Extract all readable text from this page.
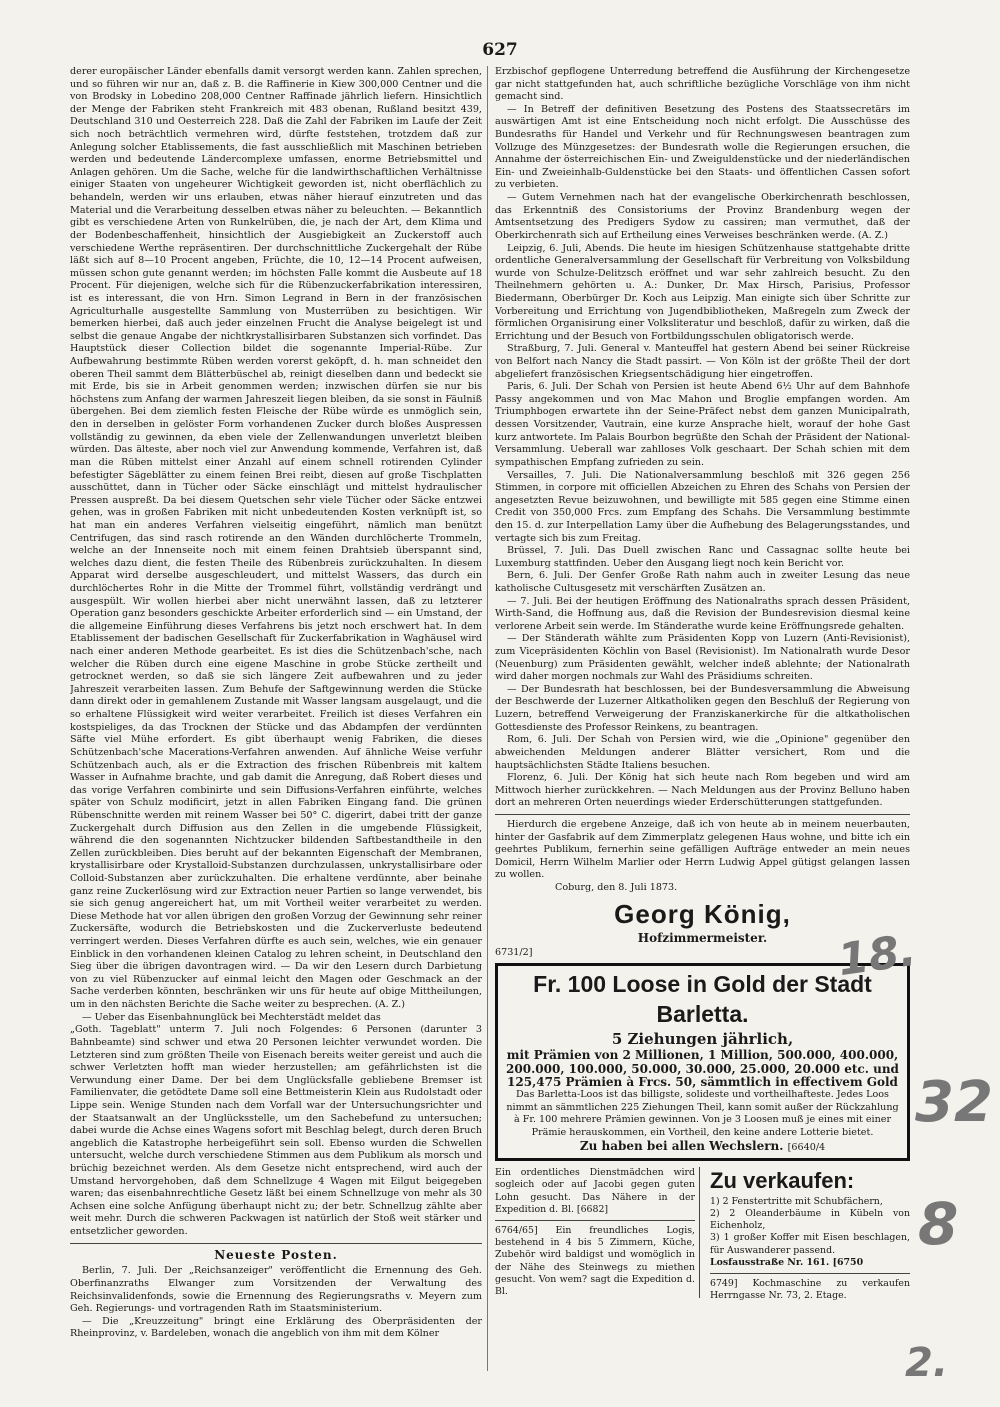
627

derer europäischer Länder ebenfalls damit versorgt werden kann. Zahlen sprechen, und so führen wir nur an, daß z. B. die Raffinerie in Kiew 300,000 Centner und die von Brodsky in Lobedino 208,000 Centner Raffinade jährlich liefern. Hinsichtlich der Menge der Fabriken steht Frankreich mit 483 obenan, Rußland besitzt 439, Deutschland 310 und Oesterreich 228. Daß die Zahl der Fabriken im Laufe der Zeit sich noch beträchtlich vermehren wird, dürfte feststehen, trotzdem daß zur Anlegung solcher Etablissements, die fast ausschließlich mit Maschinen betrieben werden und bedeutende Ländercomplexe umfassen, enorme Betriebsmittel und Anlagen gehören. Um die Sache, welche für die landwirthschaftlichen Verhältnisse einiger Staaten von ungeheurer Wichtigkeit geworden ist, nicht oberflächlich zu behandeln, werden wir uns erlauben, etwas näher hierauf einzutreten und das Material und die Verarbeitung desselben etwas näher zu beleuchten. — Bekanntlich gibt es verschiedene Arten von Runkelrüben, die, je nach der Art, dem Klima und der Bodenbeschaffenheit, hinsichtlich der Ausgiebigkeit an Zuckerstoff auch verschiedene Werthe repräsentiren. Der durchschnittliche Zuckergehalt der Rübe läßt sich auf 8—10 Procent angeben, Früchte, die 10, 12—14 Procent aufweisen, müssen schon gute genannt werden; im höchsten Falle kommt die Ausbeute auf 18 Procent. Für diejenigen, welche sich für die Rübenzuckerfabrikation interessiren, ist es interessant, die von Hrn. Simon Legrand in Bern in der französischen Agriculturhalle ausgestellte Sammlung von Musterrüben zu besichtigen. Wir bemerken hierbei, daß auch jeder einzelnen Frucht die Analyse beigelegt ist und selbst die genaue Angabe der nichtkrystallisirbaren Substanzen sich vorfindet. Das Hauptstück dieser Collection bildet die sogenannte Imperial-Rübe. Zur Aufbewahrung bestimmte Rüben werden vorerst geköpft, d. h. man schneidet den oberen Theil sammt dem Blätterbüschel ab, reinigt dieselben dann und bedeckt sie mit Erde, bis sie in Arbeit genommen werden; inzwischen dürfen sie nur bis höchstens zum Anfang der warmen Jahreszeit liegen bleiben, da sie sonst in Fäulniß übergehen. Bei dem ziemlich festen Fleische der Rübe würde es unmöglich sein, den in derselben in gelöster Form vorhandenen Zucker durch bloßes Auspressen vollständig zu gewinnen, da eben viele der Zellenwandungen unverletzt bleiben würden. Das älteste, aber noch viel zur Anwendung kommende, Verfahren ist, daß man die Rüben mittelst einer Anzahl auf einem schnell rotirenden Cylinder befestigter Sägeblätter zu einem feinen Brei reibt, diesen auf große Tischplatten ausschüttet, dann in Tücher oder Säcke einschlägt und mittelst hydraulischer Pressen auspreßt. Da bei diesem Quetschen sehr viele Tücher oder Säcke entzwei gehen, was in großen Fabriken mit nicht unbedeutenden Kosten verknüpft ist, so hat man ein anderes Verfahren vielseitig eingeführt, nämlich man benützt Centrifugen, das sind rasch rotirende an den Wänden durchlöcherte Trommeln, welche an der Innenseite noch mit einem feinen Drahtsieb überspannt sind, welches dazu dient, die festen Theile des Rübenbreis zurückzuhalten. In diesem Apparat wird derselbe ausgeschleudert, und mittelst Wassers, das durch ein durchlöchertes Rohr in die Mitte der Trommel führt, vollständig verdrängt und ausgespült. Wir wollen hierbei aber nicht unerwähnt lassen, daß zu letzterer Operation ganz besonders geschickte Arbeiter erforderlich sind — ein Umstand, der die allgemeine Einführung dieses Verfahrens bis jetzt noch erschwert hat. In dem Etablissement der badischen Gesellschaft für Zuckerfabrikation in Waghäusel wird nach einer anderen Methode gearbeitet. Es ist dies die Schützenbach'sche, nach welcher die Rüben durch eine eigene Maschine in grobe Stücke zertheilt und getrocknet werden, so daß sie sich längere Zeit aufbewahren und zu jeder Jahreszeit verarbeiten lassen. Zum Behufe der Saftgewinnung werden die Stücke dann direkt oder in gemahlenem Zustande mit Wasser langsam ausgelaugt, und die so erhaltene Flüssigkeit wird weiter verarbeitet. Freilich ist dieses Verfahren ein kostspieliges, da das Trocknen der Stücke und das Abdampfen der verdünnten Säfte viel Mühe erfordert. Es gibt überhaupt wenig Fabriken, die dieses Schützenbach'sche Macerations-Verfahren anwenden. Auf ähnliche Weise verfuhr Schützenbach auch, als er die Extraction des frischen Rübenbreis mit kaltem Wasser in Aufnahme brachte, und gab damit die Anregung, daß Robert dieses und das vorige Verfahren combinirte und sein Diffusions-Verfahren einführte, welches später von Schulz modificirt, jetzt in allen Fabriken Eingang fand. Die grünen Rübenschnitte werden mit reinem Wasser bei 50° C. digerirt, dabei tritt der ganze Zuckergehalt durch Diffusion aus den Zellen in die umgebende Flüssigkeit, während die den sogenannten Nichtzucker bildenden Saftbestandtheile in den Zellen zurückbleiben. Dies beruht auf der bekannten Eigenschaft der Membranen, krystallisirbare oder Krystalloid-Substanzen durchzulassen, unkrystallisirbare oder Colloid-Substanzen aber zurückzuhalten. Die erhaltene verdünnte, aber beinahe ganz reine Zuckerlösung wird zur Extraction neuer Partien so lange verwendet, bis sie sich genug angereichert hat, um mit Vortheil weiter verarbeitet zu werden. Diese Methode hat vor allen übrigen den großen Vorzug der Gewinnung sehr reiner Zuckersäfte, wodurch die Betriebskosten und die Zuckerverluste bedeutend verringert werden. Dieses Verfahren dürfte es auch sein, welches, wie ein genauer Einblick in den vorhandenen kleinen Catalog zu lehren scheint, in Deutschland den Sieg über die übrigen davontragen wird. — Da wir den Lesern durch Darbietung von zu viel Rübenzucker auf einmal leicht den Magen oder Geschmack an der Sache verderben könnten, beschränken wir uns für heute auf obige Mittheilungen, um in den nächsten Berichte die Sache weiter zu besprechen. (A. Z.)

— Ueber das Eisenbahnunglück bei Mechterstädt meldet das

„Goth. Tageblatt" unterm 7. Juli noch Folgendes: 6 Personen (darunter 3 Bahnbeamte) sind schwer und etwa 20 Personen leichter verwundet worden. Die Letzteren sind zum größten Theile von Eisenach bereits weiter gereist und auch die schwer Verletzten hofft man wieder herzustellen; am gefährlichsten ist die Verwundung einer Dame. Der bei dem Unglücksfalle gebliebene Bremser ist Familienvater, die getödtete Dame soll eine Bettmeisterin Klein aus Rudolstadt oder Lippe sein. Wenige Stunden nach dem Vorfall war der Untersuchungsrichter und der Staatsanwalt an der Unglücksstelle, um den Sachebefund zu untersuchen; dabei wurde die Achse eines Wagens sofort mit Beschlag belegt, durch deren Bruch angeblich die Katastrophe herbeigeführt sein soll. Ebenso wurden die Schwellen untersucht, welche durch verschiedene Stimmen aus dem Publikum als morsch und brüchig bezeichnet werden. Als dem Gesetze nicht entsprechend, wird auch der Umstand hervorgehoben, daß dem Schnellzuge 4 Wagen mit Eilgut beigegeben waren; das eisenbahnrechtliche Gesetz läßt bei einem Schnellzuge von mehr als 30 Achsen eine solche Anfügung überhaupt nicht zu; der betr. Schnellzug zählte aber weit mehr. Durch die schweren Packwagen ist natürlich der Stoß weit stärker und entsetzlicher geworden.

Neueste Posten.

Berlin, 7. Juli. Der „Reichsanzeiger" veröffentlicht die Ernennung des Geh. Oberfinanzraths Elwanger zum Vorsitzenden der Verwaltung des Reichsinvalidenfonds, sowie die Ernennung des Regierungsraths v. Meyern zum Geh. Regierungs- und vortragenden Rath im Staatsministerium.

— Die „Kreuzzeitung" bringt eine Erklärung des Oberpräsidenten der Rheinprovinz, v. Bardeleben, wonach die angeblich von ihm mit dem Kölner

Erzbischof gepflogene Unterredung betreffend die Ausführung der Kirchengesetze gar nicht stattgefunden hat, auch schriftliche bezügliche Vorschläge von ihm nicht gemacht sind.

— In Betreff der definitiven Besetzung des Postens des Staatssecretärs im auswärtigen Amt ist eine Entscheidung noch nicht erfolgt. Die Ausschüsse des Bundesraths für Handel und Verkehr und für Rechnungswesen beantragen zum Vollzuge des Münzgesetzes: der Bundesrath wolle die Regierungen ersuchen, die Annahme der österreichischen Ein- und Zweiguldenstücke und der niederländischen Ein- und Zweieinhalb-Guldenstücke bei den Staats- und öffentlichen Cassen sofort zu verbieten.

— Gutem Vernehmen nach hat der evangelische Oberkirchenrath beschlossen, das Erkenntniß des Consistoriums der Provinz Brandenburg wegen der Amtsentsetzung des Predigers Sydow zu cassiren; man vermuthet, daß der Oberkirchenrath sich auf Ertheilung eines Verweises beschränken werde. (A. Z.)

Leipzig, 6. Juli, Abends. Die heute im hiesigen Schützenhause stattgehabte dritte ordentliche Generalversammlung der Gesellschaft für Verbreitung von Volksbildung wurde von Schulze-Delitzsch eröffnet und war sehr zahlreich besucht. Zu den Theilnehmern gehörten u. A.: Dunker, Dr. Max Hirsch, Parisius, Professor Biedermann, Oberbürger Dr. Koch aus Leipzig. Man einigte sich über Schritte zur Vorbereitung und Errichtung von Jugendbibliotheken, Maßregeln zum Zweck der förmlichen Organisirung einer Volksliteratur und beschloß, dafür zu wirken, daß die Errichtung und der Besuch von Fortbildungsschulen obligatorisch werde.

Straßburg, 7. Juli. General v. Manteuffel hat gestern Abend bei seiner Rückreise von Belfort nach Nancy die Stadt passirt. — Von Köln ist der größte Theil der dort abgeliefert französischen Kriegsentschädigung hier eingetroffen.

Paris, 6. Juli. Der Schah von Persien ist heute Abend 6½ Uhr auf dem Bahnhofe Passy angekommen und von Mac Mahon und Broglie empfangen worden. Am Triumphbogen erwartete ihn der Seine-Präfect nebst dem ganzen Municipalrath, dessen Vorsitzender, Vautrain, eine kurze Ansprache hielt, worauf der hohe Gast kurz antwortete. Im Palais Bourbon begrüßte den Schah der Präsident der National-Versammlung. Ueberall war zahlloses Volk geschaart. Der Schah schien mit dem sympathischen Empfang zufrieden zu sein.

Versailles, 7. Juli. Die Nationalversammlung beschloß mit 326 gegen 256 Stimmen, in corpore mit officiellen Abzeichen zu Ehren des Schahs von Persien der angesetzten Revue beizuwohnen, und bewilligte mit 585 gegen eine Stimme einen Credit von 350,000 Frcs. zum Empfang des Schahs. Die Versammlung bestimmte den 15. d. zur Interpellation Lamy über die Aufhebung des Belagerungsstandes, und vertagte sich bis zum Freitag.

Brüssel, 7. Juli. Das Duell zwischen Ranc und Cassagnac sollte heute bei Luxemburg stattfinden. Ueber den Ausgang liegt noch kein Bericht vor.

Bern, 6. Juli. Der Genfer Große Rath nahm auch in zweiter Lesung das neue katholische Cultusgesetz mit verschärften Zusätzen an.

— 7. Juli. Bei der heutigen Eröffnung des Nationalraths sprach dessen Präsident, Wirth-Sand, die Hoffnung aus, daß die Revision der Bundesrevision diesmal keine verlorene Arbeit sein werde. Im Ständerathe wurde keine Eröffnungsrede gehalten.

— Der Ständerath wählte zum Präsidenten Kopp von Luzern (Anti-Revisionist), zum Vicepräsidenten Köchlin von Basel (Revisionist). Im Nationalrath wurde Desor (Neuenburg) zum Präsidenten gewählt, welcher indeß ablehnte; der Nationalrath wird daher morgen nochmals zur Wahl des Präsidiums schreiten.

— Der Bundesrath hat beschlossen, bei der Bundesversammlung die Abweisung der Beschwerde der Luzerner Altkatholiken gegen den Beschluß der Regierung von Luzern, betreffend Verweigerung der Franziskanerkirche für die altkatholischen Gottesdienste des Professor Reinkens, zu beantragen.

Rom, 6. Juli. Der Schah von Persien wird, wie die „Opinione" gegenüber den abweichenden Meldungen anderer Blätter versichert, Rom und die hauptsächlichsten Städte Italiens besuchen.

Florenz, 6. Juli. Der König hat sich heute nach Rom begeben und wird am Mittwoch hierher zurückkehren. — Nach Meldungen aus der Provinz Belluno haben dort an mehreren Orten neuerdings wieder Erderschütterungen stattgefunden.

Hierdurch die ergebene Anzeige, daß ich von heute ab in meinem neuerbauten, hinter der Gasfabrik auf dem Zimmerplatz gelegenen Haus wohne, und bitte ich ein geehrtes Publikum, fernerhin seine gefälligen Aufträge entweder an mein neues Domicil, Herrn Wilhelm Marlier oder Herrn Ludwig Appel gütigst gelangen lassen zu wollen.

Coburg, den 8. Juli 1873.

Georg König,
Hofzimmermeister.
6731/2]
Fr. 100 Loose in Gold der Stadt Barletta.
5 Ziehungen jährlich,
mit Prämien von 2 Millionen, 1 Million, 500.000, 400.000, 200.000, 100.000, 50.000, 30.000, 25.000, 20.000 etc. und 125,475 Prämien à Frcs. 50, sämmtlich in effectivem Gold
Das Barletta-Loos ist das billigste, solideste und vortheilhafteste. Jedes Loos nimmt an sämmtlichen 225 Ziehungen Theil, kann somit außer der Rückzahlung à Fr. 100 mehrere Prämien gewinnen. Von je 3 Loosen muß je eines mit einer Prämie herauskommen, ein Vortheil, den keine andere Lotterie bietet.
Zu haben bei allen Wechslern. [6640/4

Ein ordentliches Dienstmädchen wird sogleich oder auf Jacobi gegen guten Lohn gesucht. Das Nähere in der Expedition d. Bl. [6682]

6764/65] Ein freundliches Logis, bestehend in 4 bis 5 Zimmern, Küche, Zubehör wird baldigst und womöglich in der Nähe des Steinwegs zu miethen gesucht. Von wem? sagt die Expedition d. Bl.

Zu verkaufen:

1) 2 Fenstertritte mit Schubfächern,

2) 2 Oleanderbäume in Kübeln von Eichenholz,

3) 1 großer Koffer mit Eisen beschlagen, für Auswanderer passend.

Losfausstraße Nr. 161. [6750

6749] Kochmaschine zu verkaufen Herrngasse Nr. 73, 2. Etage.

18.
32
8
2.
